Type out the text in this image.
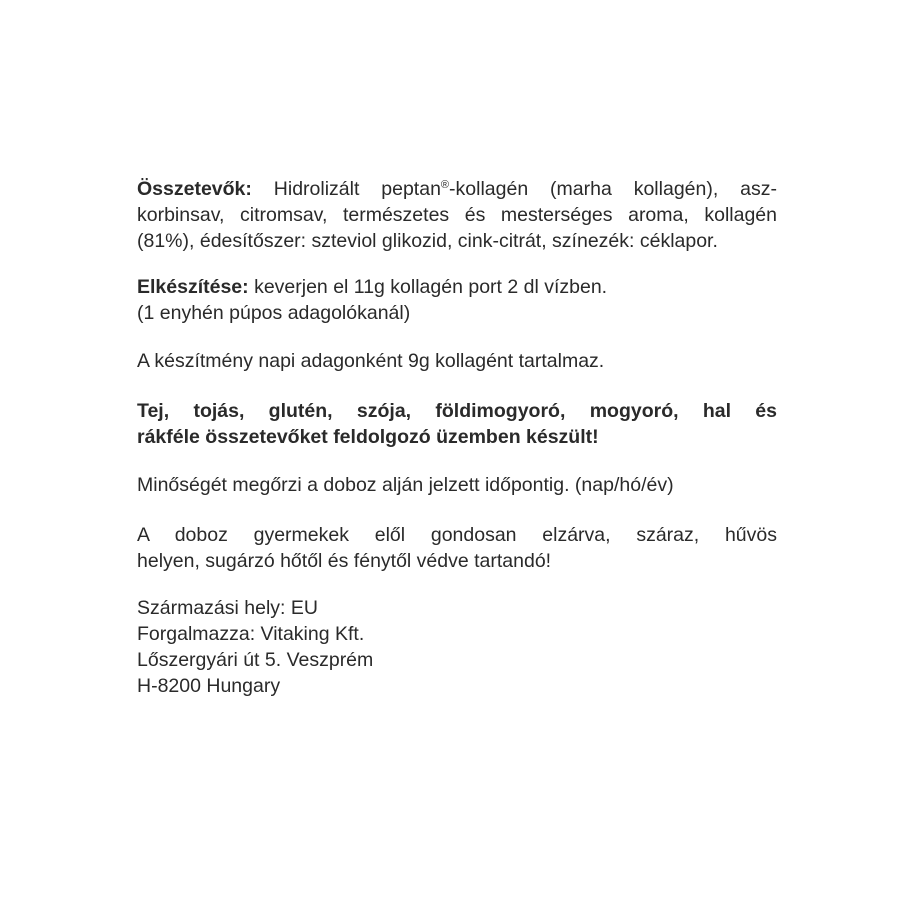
Összetevők: Hidrolizált peptan®-kollagén (marha kollagén), asz-
korbinsav, citromsav, természetes és mesterséges aroma, kollagén
(81%), édesítőszer: szteviol glikozid, cink-citrát, színezék: céklapor.
Elkészítése: keverjen el 11g kollagén port 2 dl vízben.
(1 enyhén púpos adagolókanál)
A készítmény napi adagonként 9g kollagént tartalmaz.
Tej, tojás, glutén, szója, földimogyoró, mogyoró, hal és
rákféle összetevőket feldolgozó üzemben készült!
Minőségét megőrzi a doboz alján jelzett időpontig. (nap/hó/év)
A doboz gyermekek elől gondosan elzárva, száraz, hűvös
helyen, sugárzó hőtől és fénytől védve tartandó!
Származási hely: EU
Forgalmazza: Vitaking Kft.
Lőszergyári út 5. Veszprém
H-8200 Hungary
